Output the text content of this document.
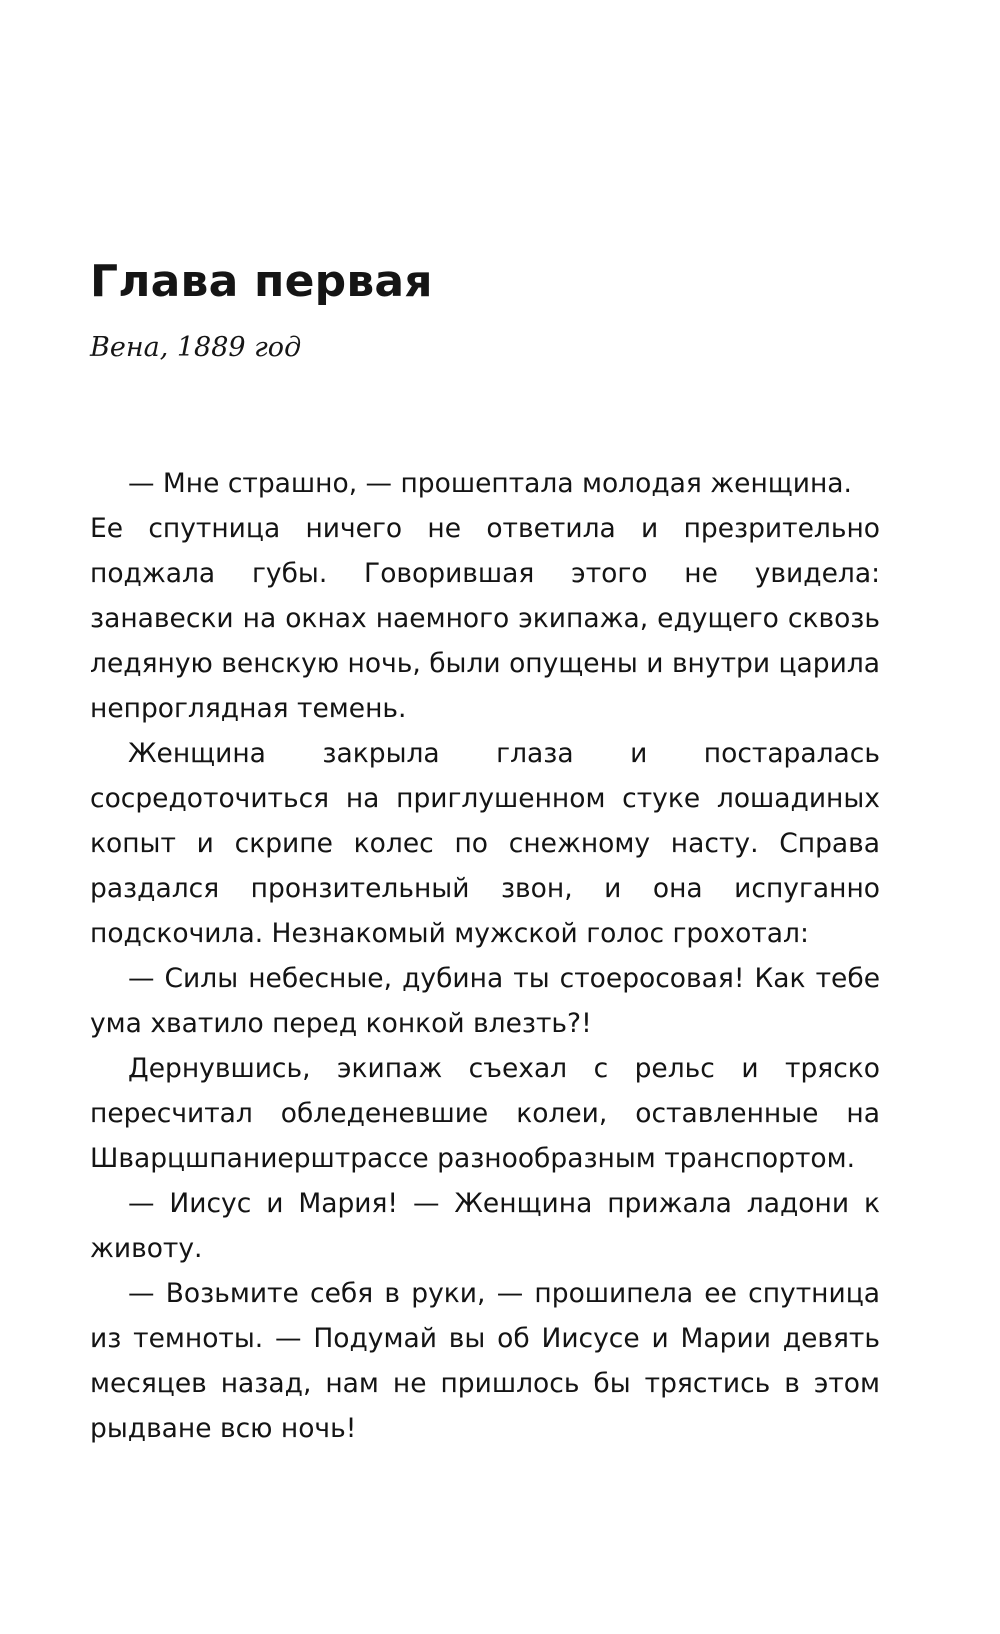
Глава первая

Вена, 1889 год

— Мне страшно, — прошептала молодая женщина.

Ее спутница ничего не ответила и презрительно поджала губы. Говорившая этого не увидела: занавески на окнах наемного экипажа, едущего сквозь ледяную венскую ночь, были опущены и внутри царила непроглядная темень.

Женщина закрыла глаза и постаралась сосредоточиться на приглушенном стуке лошадиных копыт и скрипе колес по снежному насту. Справа раздался пронзительный звон, и она испуганно подскочила. Незнакомый мужской голос грохотал:

— Силы небесные, дубина ты стоеросовая! Как тебе ума хватило перед конкой влезть?!

Дернувшись, экипаж съехал с рельс и тряско пересчитал обледеневшие колеи, оставленные на Шварцшпаниерштрассе разнообразным транспортом.

— Иисус и Мария! — Женщина прижала ладони к животу.

— Возьмите себя в руки, — прошипела ее спутница из темноты. — Подумай вы об Иисусе и Марии девять месяцев назад, нам не пришлось бы трястись в этом рыдване всю ночь!
